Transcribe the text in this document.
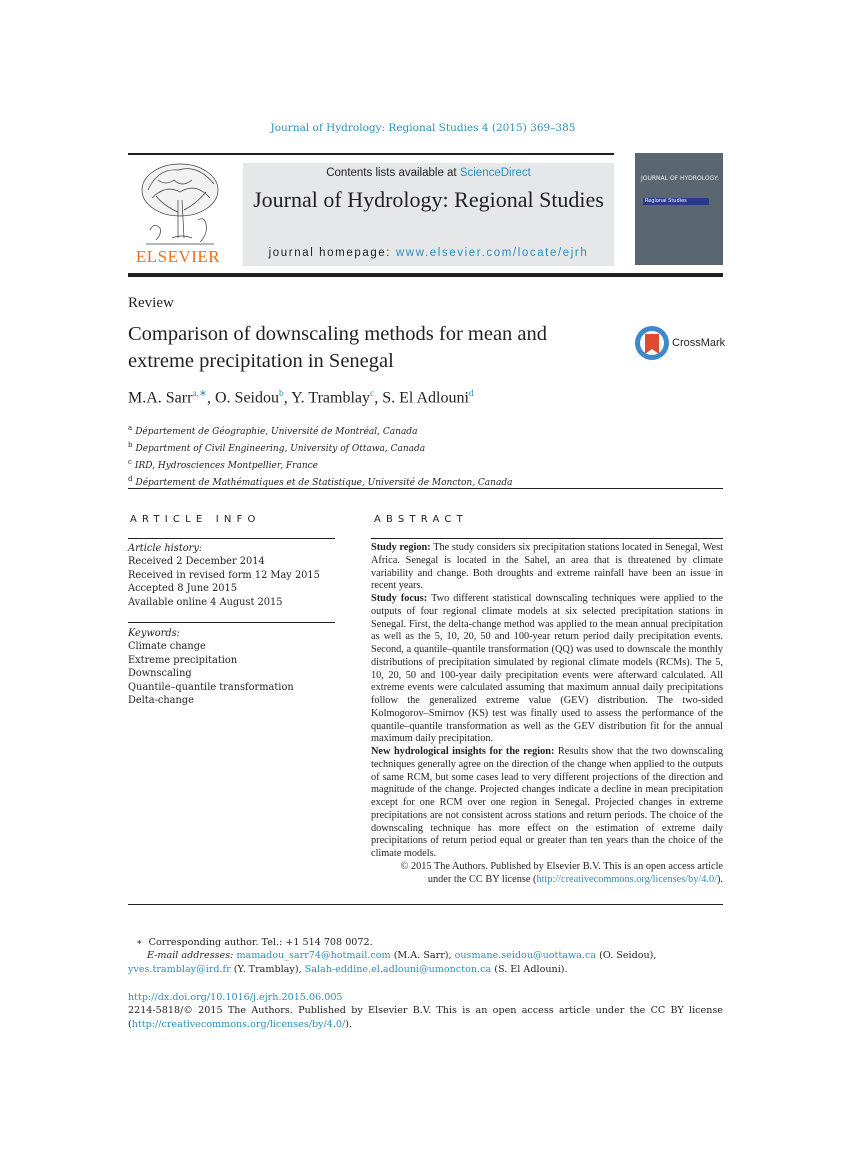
Journal of Hydrology: Regional Studies 4 (2015) 369–385
ELSEVIER
Contents lists available at ScienceDirect
Journal of Hydrology: Regional Studies
journal homepage: www.elsevier.com/locate/ejrh
JOURNAL OF HYDROLOGY:
Regional Studies
Review
Comparison of downscaling methods for mean and extreme precipitation in Senegal
CrossMark
M.A. Sarr$^{a,∗}$, O. Seidou$^b$, Y. Tramblay$^c$, S. El Adlouni$^d$
$^a$ Département de Géographie, Université de Montréal, Canada
$^b$ Department of Civil Engineering, University of Ottawa, Canada
$^c$ IRD, Hydrosciences Montpellier, France
$^d$ Département de Mathématiques et de Statistique, Université de Moncton, Canada
ARTICLE INFO
Article history:
Received 2 December 2014
Received in revised form 12 May 2015
Accepted 8 June 2015
Available online 4 August 2015
Keywords:
Climate change
Extreme precipitation
Downscaling
Quantile–quantile transformation
Delta-change
ABSTRACT

Study region: The study considers six precipitation stations located in Senegal, West Africa. Senegal is located in the Sahel, an area that is threatened by climate variability and change. Both droughts and extreme rainfall have been an issue in recent years.

Study focus: Two different statistical downscaling techniques were applied to the outputs of four regional climate models at six selected precipitation stations in Senegal. First, the delta-change method was applied to the mean annual precipitation as well as the 5, 10, 20, 50 and 100-year return period daily precipitation events. Second, a quantile–quantile transformation (QQ) was used to downscale the monthly distributions of precipitation simulated by regional climate models (RCMs). The 5, 10, 20, 50 and 100-year daily precipitation events were afterward calculated. All extreme events were calculated assuming that maximum annual daily precipitations follow the generalized extreme value (GEV) distribution. The two-sided Kolmogorov–Smirnov (KS) test was finally used to assess the performance of the quantile–quantile transformation as well as the GEV distribution fit for the annual maximum daily precipitation.

New hydrological insights for the region: Results show that the two downscaling techniques generally agree on the direction of the change when applied to the outputs of same RCM, but some cases lead to very different projections of the direction and magnitude of the change. Projected changes indicate a decline in mean precipitation except for one RCM over one region in Senegal. Projected changes in extreme precipitations are not consistent across stations and return periods. The choice of the downscaling technique has more effect on the estimation of extreme daily precipitations of return period equal or greater than ten years than the choice of the climate models.

© 2015 The Authors. Published by Elsevier B.V. This is an open access article

under the CC BY license (http://creativecommons.org/licenses/by/4.0/).

∗ Corresponding author. Tel.: +1 514 708 0072.

E-mail addresses: mamadou_sarr74@hotmail.com (M.A. Sarr), ousmane.seidou@uottawa.ca (O. Seidou),

yves.tramblay@ird.fr (Y. Tramblay), Salah-eddine.el.adlouni@umoncton.ca (S. El Adlouni).

http://dx.doi.org/10.1016/j.ejrh.2015.06.005

2214-5818/© 2015 The Authors. Published by Elsevier B.V. This is an open access article under the CC BY license

(http://creativecommons.org/licenses/by/4.0/).
